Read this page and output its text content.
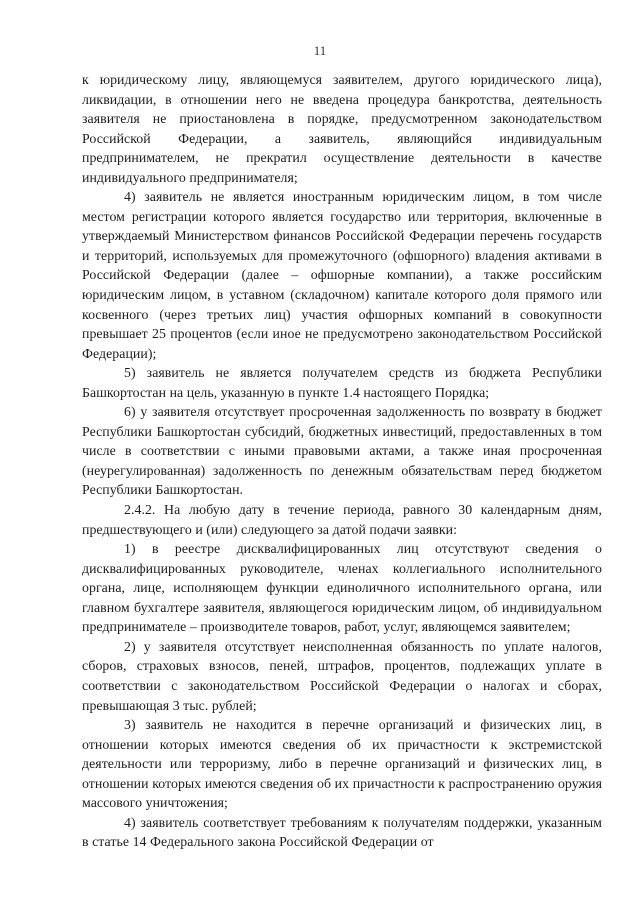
11

к юридическому лицу, являющемуся заявителем, другого юридического лица), ликвидации, в отношении него не введена процедура банкротства, деятельность заявителя не приостановлена в порядке, предусмотренном законодательством Российской Федерации, а заявитель, являющийся индивидуальным предпринимателем, не прекратил осуществление деятельности в качестве индивидуального предпринимателя;

4) заявитель не является иностранным юридическим лицом, в том числе местом регистрации которого является государство или территория, включенные в утверждаемый Министерством финансов Российской Федерации перечень государств и территорий, используемых для промежуточного (офшорного) владения активами в Российской Федерации (далее – офшорные компании), а также российским юридическим лицом, в уставном (складочном) капитале которого доля прямого или косвенного (через третьих лиц) участия офшорных компаний в совокупности превышает 25 процентов (если иное не предусмотрено законодательством Российской Федерации);

5) заявитель не является получателем средств из бюджета Республики Башкортостан на цель, указанную в пункте 1.4 настоящего Порядка;

6) у заявителя отсутствует просроченная задолженность по возврату в бюджет Республики Башкортостан субсидий, бюджетных инвестиций, предоставленных в том числе в соответствии с иными правовыми актами, а также иная просроченная (неурегулированная) задолженность по денежным обязательствам перед бюджетом Республики Башкортостан.

2.4.2. На любую дату в течение периода, равного 30 календарным дням, предшествующего и (или) следующего за датой подачи заявки:

1) в реестре дисквалифицированных лиц отсутствуют сведения о дисквалифицированных руководителе, членах коллегиального исполнительного органа, лице, исполняющем функции единоличного исполнительного органа, или главном бухгалтере заявителя, являющегося юридическим лицом, об индивидуальном предпринимателе – производителе товаров, работ, услуг, являющемся заявителем;

2) у заявителя отсутствует неисполненная обязанность по уплате налогов, сборов, страховых взносов, пеней, штрафов, процентов, подлежащих уплате в соответствии с законодательством Российской Федерации о налогах и сборах, превышающая 3 тыс. рублей;

3) заявитель не находится в перечне организаций и физических лиц, в отношении которых имеются сведения об их причастности к экстремистской деятельности или терроризму, либо в перечне организаций и физических лиц, в отношении которых имеются сведения об их причастности к распространению оружия массового уничтожения;

4) заявитель соответствует требованиям к получателям поддержки, указанным в статье 14 Федерального закона Российской Федерации от
